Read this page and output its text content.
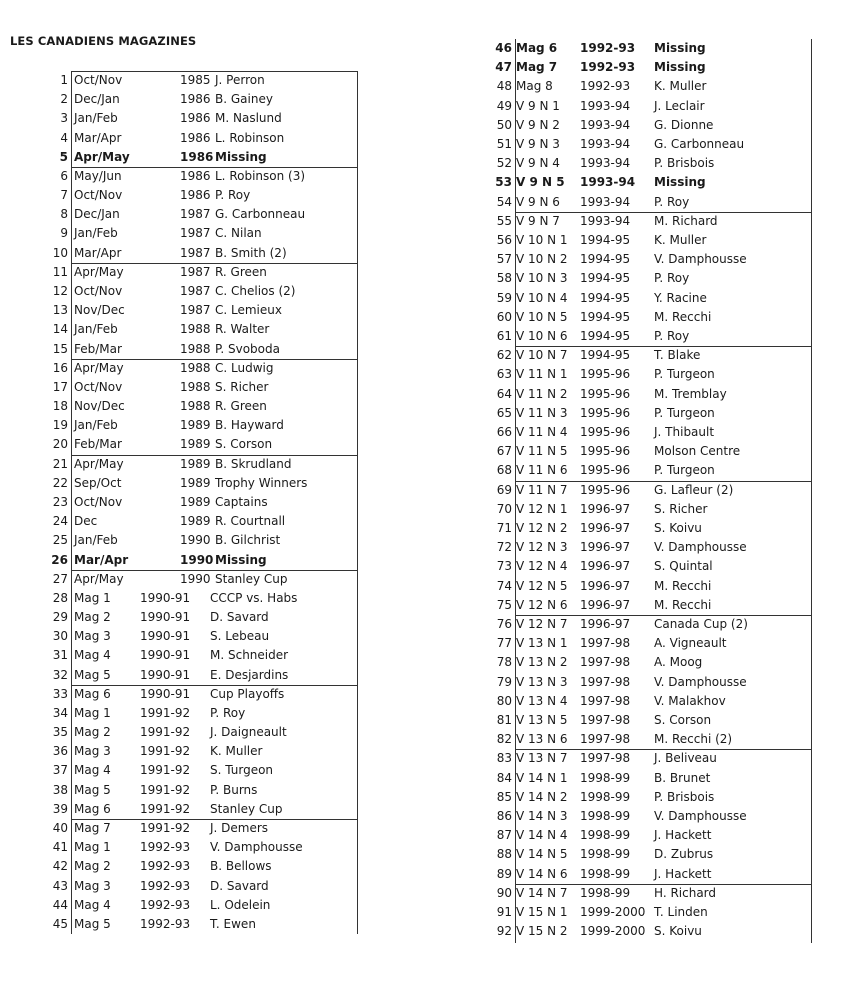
LES CANADIENS MAGAZINES
1 Oct/Nov	1985 J. Perron
2 Dec/Jan	1986 B. Gainey
3 Jan/Feb	1986 M. Naslund
4 Mar/Apr	1986 L. Robinson
5 Apr/May	1986 Missing
6 May/Jun	1986 L. Robinson (3)
7 Oct/Nov	1986 P. Roy
8 Dec/Jan	1987 G. Carbonneau
9 Jan/Feb	1987 C. Nilan
10 Mar/Apr	1987 B. Smith (2)
11 Apr/May	1987 R. Green
12 Oct/Nov	1987 C. Chelios (2)
13 Nov/Dec	1987 C. Lemieux
14 Jan/Feb	1988 R. Walter
15 Feb/Mar	1988 P. Svoboda
16 Apr/May	1988 C. Ludwig
17 Oct/Nov	1988 S. Richer
18 Nov/Dec	1988 R. Green
19 Jan/Feb	1989 B. Hayward
20 Feb/Mar	1989 S. Corson
21 Apr/May	1989 B. Skrudland
22 Sep/Oct	1989 Trophy Winners
23 Oct/Nov	1989 Captains
24 Dec	1989 R. Courtnall
25 Jan/Feb	1990 B. Gilchrist
26 Mar/Apr	1990 Missing
27 Apr/May	1990 Stanley Cup
28 Mag 1 1990-91 CCCP vs. Habs
29 Mag 2 1990-91 D. Savard
30 Mag 3 1990-91 S. Lebeau
31 Mag 4 1990-91 M. Schneider
32 Mag 5 1990-91 E. Desjardins
33 Mag 6 1990-91 Cup Playoffs
34 Mag 1 1991-92 P. Roy
35 Mag 2 1991-92 J. Daigneault
36 Mag 3 1991-92 K. Muller
37 Mag 4 1991-92 S. Turgeon
38 Mag 5 1991-92 P. Burns
39 Mag 6 1991-92 Stanley Cup
40 Mag 7 1991-92 J. Demers
41 Mag 1 1992-93 V. Damphousse
42 Mag 2 1992-93 B. Bellows
43 Mag 3 1992-93 D. Savard
44 Mag 4 1992-93 L. Odelein
45 Mag 5 1992-93 T. Ewen
46 Mag 6 1992-93 Missing
47 Mag 7 1992-93 Missing
48 Mag 8 1992-93 K. Muller
49 V 9 N 1 1993-94 J. Leclair
50 V 9 N 2 1993-94 G. Dionne
51 V 9 N 3 1993-94 G. Carbonneau
52 V 9 N 4 1993-94 P. Brisbois
53 V 9 N 5 1993-94 Missing
54 V 9 N 6 1993-94 P. Roy
55 V 9 N 7 1993-94 M. Richard
56 V 10 N 1 1994-95 K. Muller
57 V 10 N 2 1994-95 V. Damphousse
58 V 10 N 3 1994-95 P. Roy
59 V 10 N 4 1994-95 Y. Racine
60 V 10 N 5 1994-95 M. Recchi
61 V 10 N 6 1994-95 P. Roy
62 V 10 N 7 1994-95 T. Blake
63 V 11 N 1 1995-96 P. Turgeon
64 V 11 N 2 1995-96 M. Tremblay
65 V 11 N 3 1995-96 P. Turgeon
66 V 11 N 4 1995-96 J. Thibault
67 V 11 N 5 1995-96 Molson Centre
68 V 11 N 6 1995-96 P. Turgeon
69 V 11 N 7 1995-96 G. Lafleur (2)
70 V 12 N 1 1996-97 S. Richer
71 V 12 N 2 1996-97 S. Koivu
72 V 12 N 3 1996-97 V. Damphousse
73 V 12 N 4 1996-97 S. Quintal
74 V 12 N 5 1996-97 M. Recchi
75 V 12 N 6 1996-97 M. Recchi
76 V 12 N 7 1996-97 Canada Cup (2)
77 V 13 N 1 1997-98 A. Vigneault
78 V 13 N 2 1997-98 A. Moog
79 V 13 N 3 1997-98 V. Damphousse
80 V 13 N 4 1997-98 V. Malakhov
81 V 13 N 5 1997-98 S. Corson
82 V 13 N 6 1997-98 M. Recchi (2)
83 V 13 N 7 1997-98 J. Beliveau
84 V 14 N 1 1998-99 B. Brunet
85 V 14 N 2 1998-99 P. Brisbois
86 V 14 N 3 1998-99 V. Damphousse
87 V 14 N 4 1998-99 J. Hackett
88 V 14 N 5 1998-99 D. Zubrus
89 V 14 N 6 1998-99 J. Hackett
90 V 14 N 7 1998-99 H. Richard
91 V 15 N 1 1999-2000 T. Linden
92 V 15 N 2 1999-2000 S. Koivu
